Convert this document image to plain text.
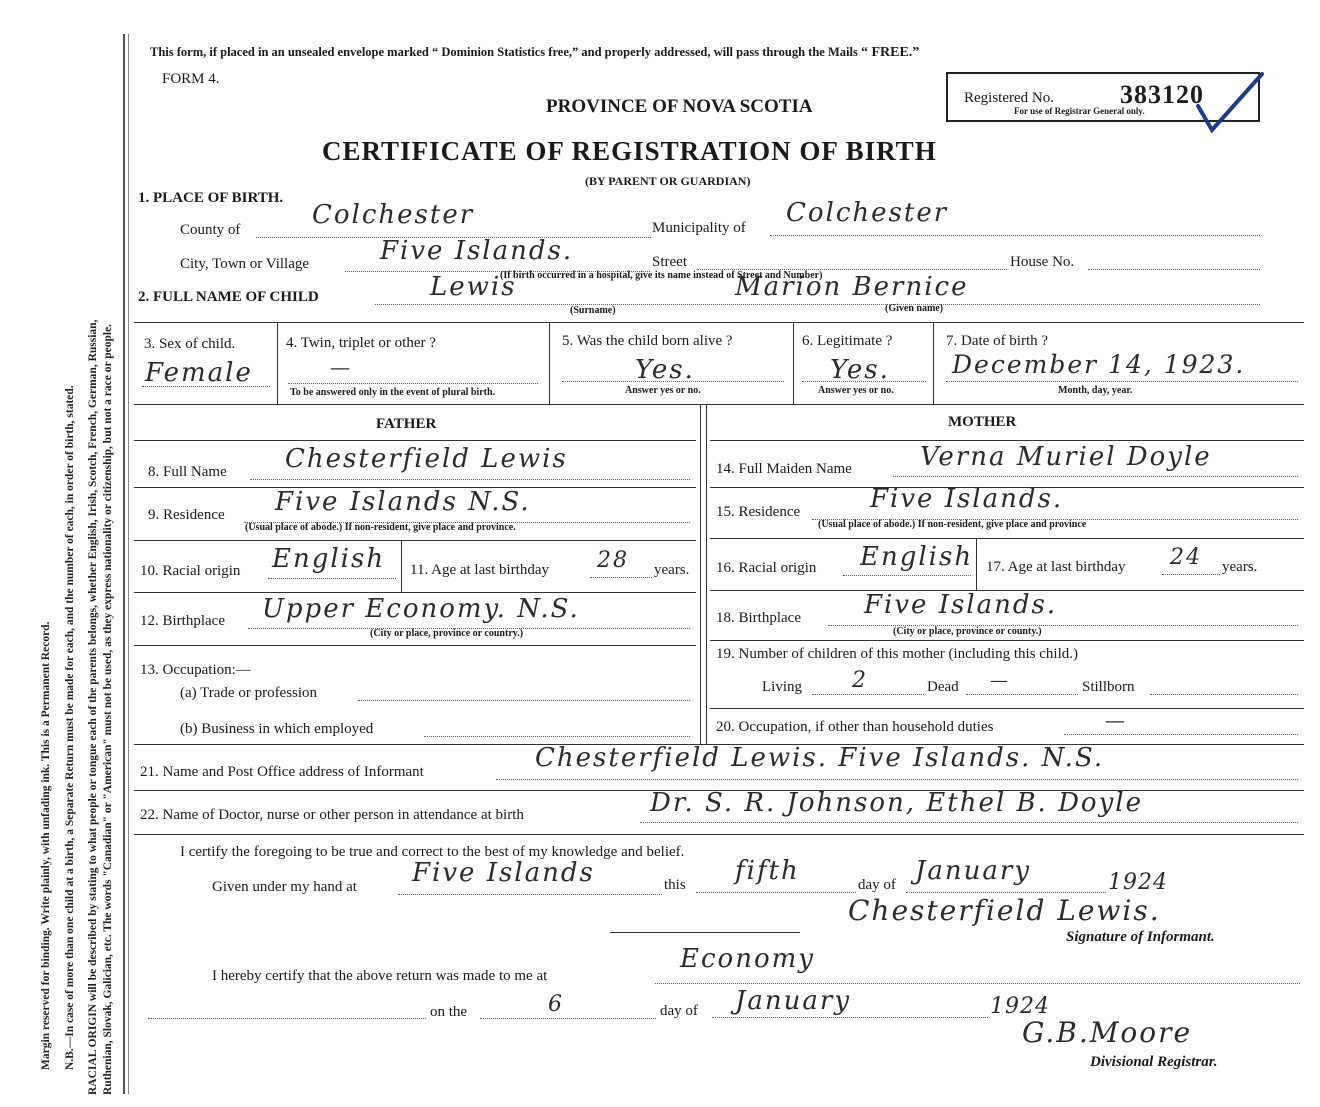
Margin reserved for binding. Write plainly, with unfading ink. This is a Permanent Record. N.B.—In case of more than one child at a birth, a Separate Return must be made for each, and the number of each, in order of birth, stated. RACIAL ORIGIN will be described by stating to what people or tongue each of the parents belongs, whether English, Irish, Scotch, French, German, Russian, Ruthenian, Slovak, Galician, etc. The words "Canadian" or "American" must not be used, as they express nationality or citizenship, but not a race or people.
This form, if placed in an unsealed envelope marked “ Dominion Statistics free,” and properly addressed, will pass through the Mails “ FREE.”
FORM 4.
PROVINCE OF NOVA SCOTIA	Registered No.	383120
For use of Registrar General only.
CERTIFICATE OF REGISTRATION OF BIRTH
(BY PARENT OR GUARDIAN)
1. PLACE OF BIRTH.
County of	Colchester	Municipality of Colchester
City, Town or Village	Five Islands.	Street	House No.
(If birth occurred in a hospital, give its name instead of Street and Number)
2. FULL NAME OF CHILD	Lewis	Marion Bernice
(Surname)	(Given name)
3. Sex of child.
Female
4. Twin, triplet or other ?
—
To be answered only in the event of plural birth.
5. Was the child born alive ?
Yes.
Answer yes or no.
6. Legitimate ?
Yes.
Answer yes or no.
7. Date of birth ?
December 14, 1923.
Month, day, year.
FATHER	MOTHER
8. Full Name Chesterfield Lewis
9. Residence Five Islands N.S.
(Usual place of abode.) If non-resident, give place and province.
10. Racial origin English 11. Age at last birthday 28 years.
12. Birthplace Upper Economy. N.S.
(City or place, province or country.)
13. Occupation:—
(a) Trade or profession
(b) Business in which employed
14. Full Maiden Name	Verna Muriel Doyle
15. Residence	Five Islands.
(Usual place of abode.) If non-resident, give place and province
16. Racial origin English 17. Age at last birthday 24 years.
18. Birthplace Five Islands.
(City or place, province or county.)
19. Number of children of this mother (including this child.)
Living 2	Dead —	Stillborn
20. Occupation, if other than household duties	—
21. Name and Post Office address of Informant	Chesterfield Lewis. Five Islands. N.S.
22. Name of Doctor, nurse or other person in attendance at birth	Dr. S. R. Johnson, Ethel B. Doyle
I certify the foregoing to be true and correct to the best of my knowledge and belief.
Given under my hand at Five Islands	this fifth	day of January	1924
Chesterfield Lewis.
Signature of Informant.
I hereby certify that the above return was made to me at
Economy
on the	6	day of January	1924
G.B.Moore
Divisional Registrar.
